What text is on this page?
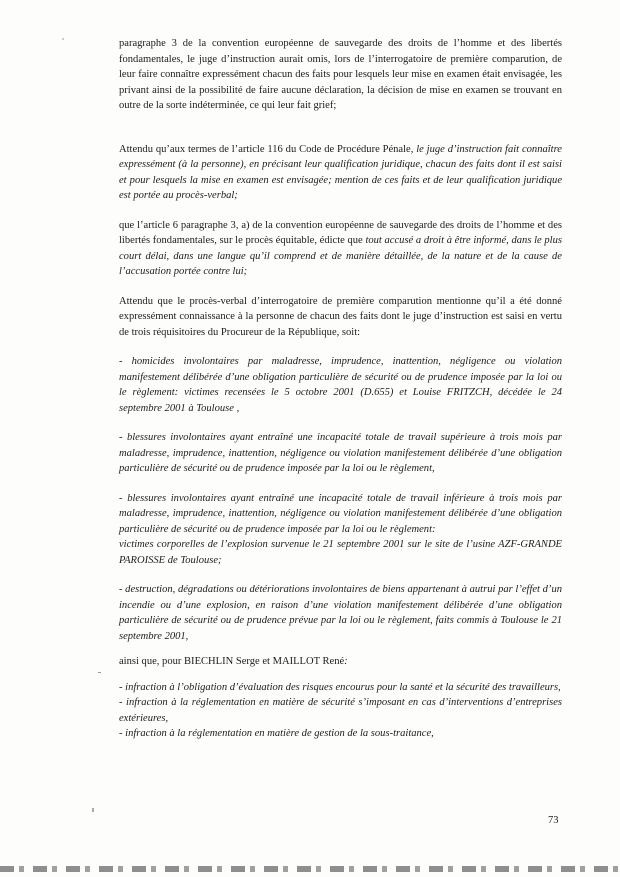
paragraphe 3 de la convention européenne de sauvegarde des droits de l’homme et des libertés fondamentales, le juge d’instruction aurait omis, lors de l’interrogatoire de première comparution, de leur faire connaître expressément chacun des faits pour lesquels leur mise en examen était envisagée, les privant ainsi de la possibilité de faire aucune déclaration, la décision de mise en examen se trouvant en outre de la sorte indéterminée, ce qui leur fait grief;

Attendu qu’aux termes de l’article 116 du Code de Procédure Pénale, le juge d’instruction fait connaître expressément (à la personne), en précisant leur qualification juridique, chacun des faits dont il est saisi et pour lesquels la mise en examen est envisagée; mention de ces faits et de leur qualification juridique est portée au procès-verbal;

que l’article 6 paragraphe 3, a) de la convention européenne de sauvegarde des droits de l’homme et des libertés fondamentales, sur le procès équitable, édicte que tout accusé a droit à être informé, dans le plus court délai, dans une langue qu’il comprend et de manière détaillée, de la nature et de la cause de l’accusation portée contre lui;

Attendu que le procès-verbal d’interrogatoire de première comparution mentionne qu’il a été donné expressément connaissance à la personne de chacun des faits dont le juge d’instruction est saisi en vertu de trois réquisitoires du Procureur de la République, soit:

- homicides involontaires par maladresse, imprudence, inattention, négligence ou violation manifestement délibérée d’une obligation particulière de sécurité ou de prudence imposée par la loi ou le règlement: victimes recensées le 5 octobre 2001 (D.655) et Louise FRITZCH, décédée le 24 septembre 2001 à Toulouse ,

- blessures involontaires ayant entraîné une incapacité totale de travail supérieure à trois mois par maladresse, imprudence, inattention, négligence ou violation manifestement délibérée d’une obligation particulière de sécurité ou de prudence imposée par la loi ou le règlement,

- blessures involontaires ayant entraîné une incapacité totale de travail inférieure à trois mois par maladresse, imprudence, inattention, négligence ou violation manifestement délibérée d’une obligation particulière de sécurité ou de prudence imposée par la loi ou le règlement:

victimes corporelles de l’explosion survenue le 21 septembre 2001 sur le site de l’usine AZF-GRANDE PAROISSE de Toulouse;

- destruction, dégradations ou détériorations involontaires de biens appartenant à autrui par l’effet d’un incendie ou d’une explosion, en raison d’une violation manifestement délibérée d’une obligation particulière de sécurité ou de prudence prévue par la loi ou le règlement, faits commis à Toulouse le 21 septembre 2001,

ainsi que, pour BIECHLIN Serge et MAILLOT René:

- infraction à l’obligation d’évaluation des risques encourus pour la santé et la sécurité des travailleurs,

- infraction à la réglementation en matière de sécurité s’imposant en cas d’interventions d’entreprises extérieures,

- infraction à la réglementation en matière de gestion de la sous-traitance,

73
